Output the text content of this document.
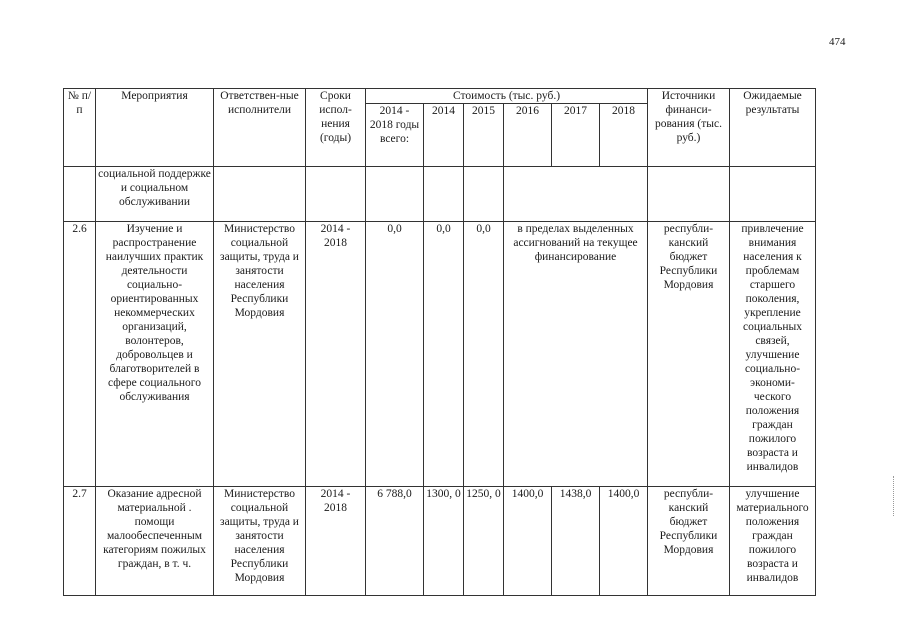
474
№ п/п	Мероприятия	Ответствен-ные исполнители	Сроки испол-нения (годы)	Стоимость (тыс. руб.)						Источники финанси-рования (тыс. руб.)	Ожидаемые результаты
				2014 - 2018 годы всего:	2014	2015	2016	2017	2018		
	социальной поддержке и социальном обслуживании										
2.6	Изучение и распространение наилучших практик деятельности социально-ориентированных некоммерческих организаций, волонтеров, добровольцев и благотворителей в сфере социального обслуживания	Министерство социальной защиты, труда и занятости населения Республики Мордовия	2014 - 2018	0,0	0,0	0,0	в пределах выделенных ассигнований на текущее финансирование			республи-канский бюджет Республики Мордовия	привлечение внимания населения к проблемам старшего поколения, укрепление социальных связей, улучшение социально-экономи-ческого положения граждан пожилого возраста и инвалидов
2.7	Оказание адресной материальной . помощи малообеспеченным категориям пожилых граждан, в т. ч.	Министерство социальной защиты, труда и занятости населения Республики Мордовия	2014 - 2018	6 788,0	1300, 0	1250, 0	1400,0	1438,0	1400,0	республи-канский бюджет Республики Мордовия	улучшение материального положения граждан пожилого возраста и инвалидов
